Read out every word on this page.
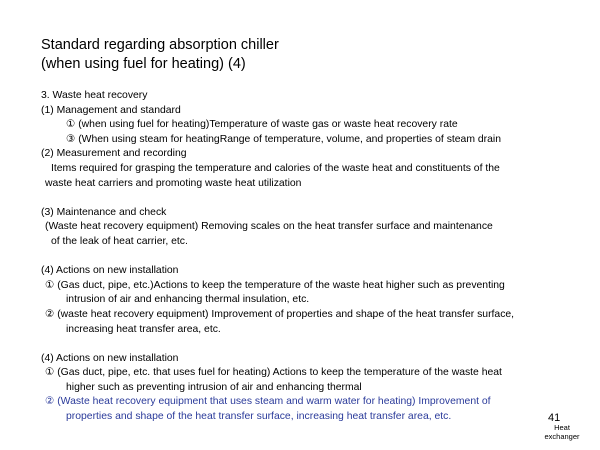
Standard regarding absorption chiller
(when using fuel for heating) (4)
3. Waste heat recovery
(1) Management and standard
① (when using fuel for heating)Temperature of waste gas or waste heat recovery rate
③ (When using steam for heatingRange of temperature, volume, and properties of steam drain
(2) Measurement and recording
Items required for grasping the temperature and calories of the waste heat and constituents of the
waste heat carriers and promoting waste heat utilization
(3) Maintenance and check
(Waste heat recovery equipment) Removing scales on the heat transfer surface and maintenance
of the leak of heat carrier, etc.
(4) Actions on new installation
① (Gas duct, pipe, etc.)Actions to keep the temperature of the waste heat higher such as preventing
intrusion of air and enhancing thermal insulation, etc.
② (waste heat recovery equipment) Improvement of properties and shape of the heat transfer surface,
increasing heat transfer area, etc.
(4) Actions on new installation
① (Gas duct, pipe, etc. that uses fuel for heating) Actions to keep the temperature of the waste heat
higher such as preventing intrusion of air and enhancing thermal
② (Waste heat recovery equipment that uses steam and warm water for heating) Improvement of
properties and shape of the heat transfer surface, increasing heat transfer area, etc.	41
Heat
exchanger
